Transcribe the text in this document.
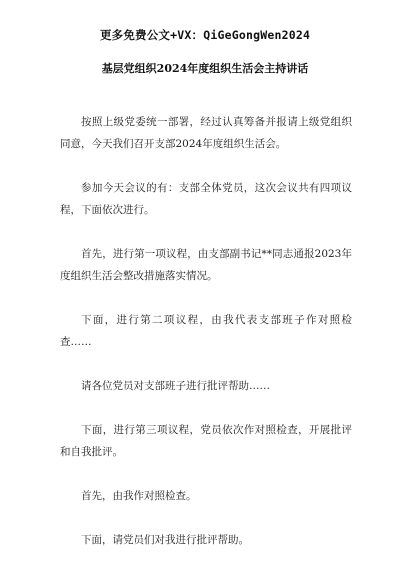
更多免费公文+VX：QiGeGongWen2024
基层党组织2024年度组织生活会主持讲话

按照上级党委统一部署，经过认真筹备并报请上级党组织同意，今天我们召开支部2024年度组织生活会。

参加今天会议的有：支部全体党员，这次会议共有四项议程，下面依次进行。

首先，进行第一项议程，由支部副书记**同志通报2023年度组织生活会整改措施落实情况。

下面，进行第二项议程，由我代表支部班子作对照检查……

请各位党员对支部班子进行批评帮助……

下面，进行第三项议程，党员依次作对照检查，开展批评和自我批评。

首先，由我作对照检查。

下面，请党员们对我进行批评帮助。
